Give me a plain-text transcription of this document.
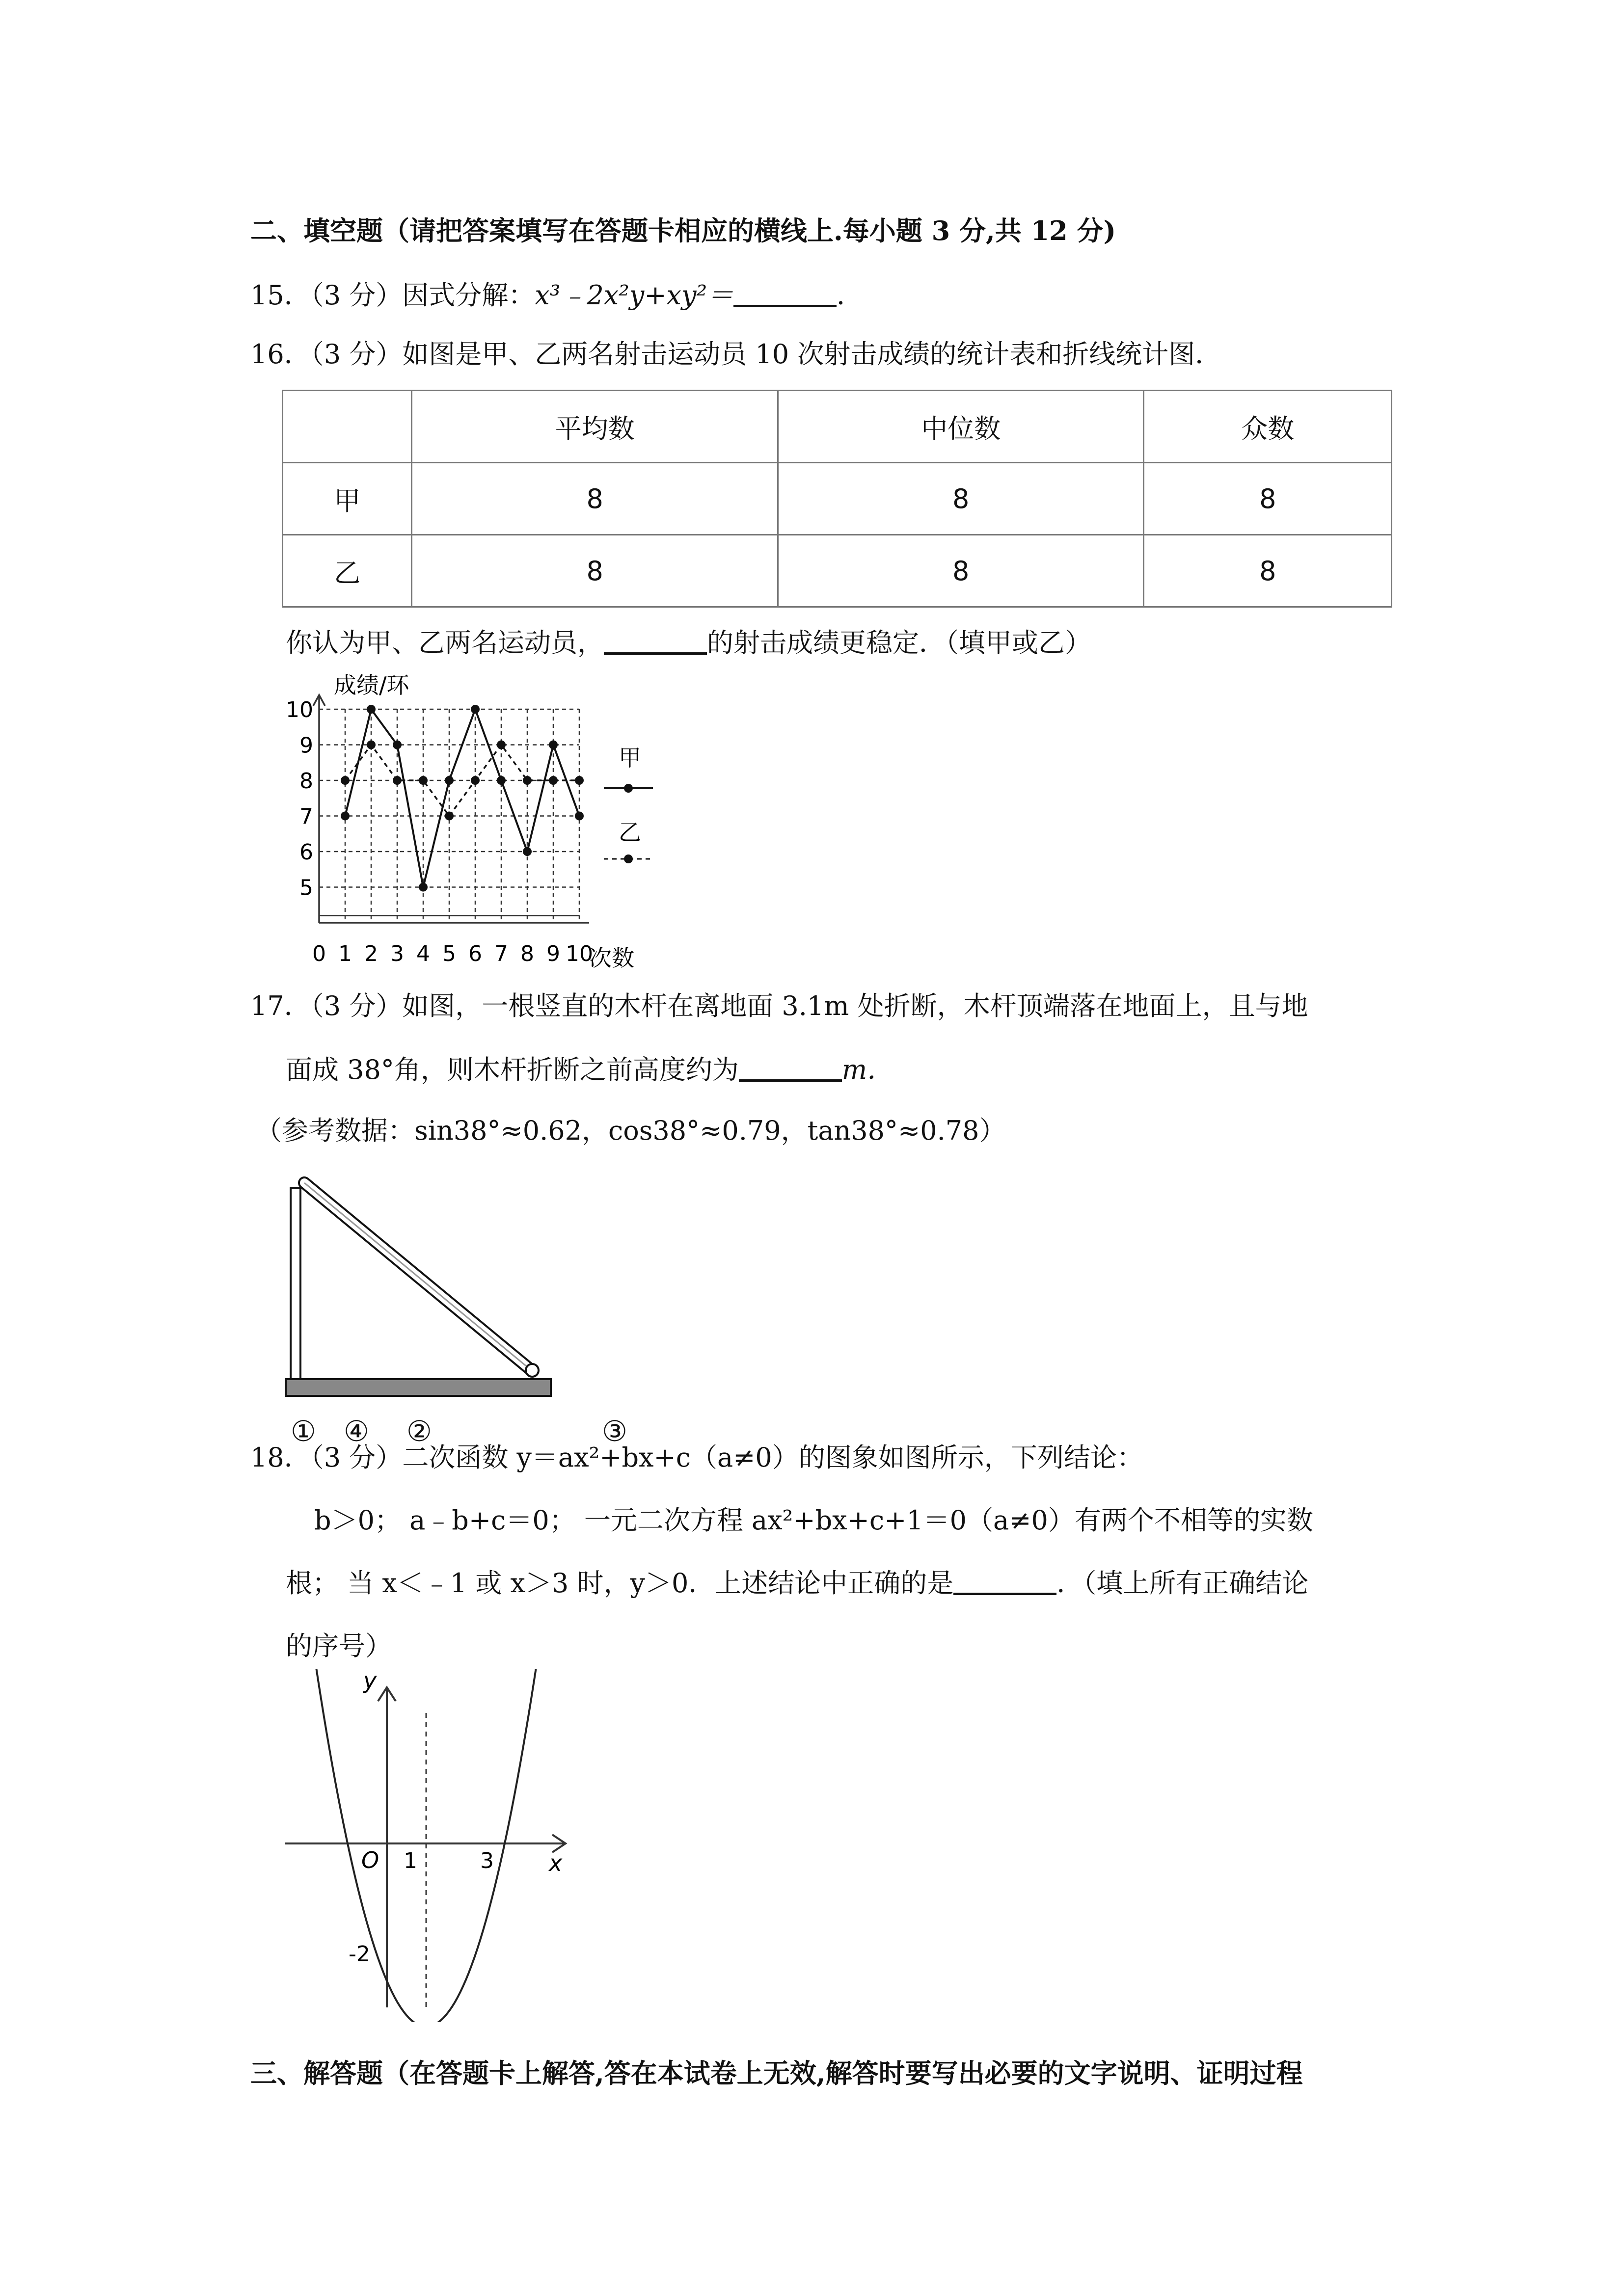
二、填空题（请把答案填写在答题卡相应的横线上.每小题 3 分,共 12 分)
15．（3 分）因式分解：x³﹣2x²y+xy²＝	．
16．（3 分）如图是甲、乙两名射击运动员 10 次射击成绩的统计表和折线统计图．
	平均数	中位数	众数
甲	8	8	8
乙	8	8	8
你认为甲、乙两名运动员，	的射击成绩更稳定．（填甲或乙）
5
6
7
8
9
10
0 1 2 3 4 5 6 7 8 9 10
成绩/环
次数
甲
乙
17．（3 分）如图，一根竖直的木杆在离地面 3.1m 处折断，木杆顶端落在地面上，且与地
面成 38°角，则木杆折断之前高度约为	m．
（参考数据：sin38°≈0.62，cos38°≈0.79，tan38°≈0.78）
① ④ ②	③
18．（3 分）二次函数 y＝ax²+bx+c（a≠0）的图象如图所示，下列结论：
b＞0； a﹣b+c＝0； 一元二次方程 ax²+bx+c+1＝0（a≠0）有两个不相等的实数
根； 当 x＜﹣1 或 x＞3 时，y＞0．上述结论中正确的是	．（填上所有正确结论
的序号）
y
x
O 1	3
-2
三、解答题（在答题卡上解答,答在本试卷上无效,解答时要写出必要的文字说明、证明过程
